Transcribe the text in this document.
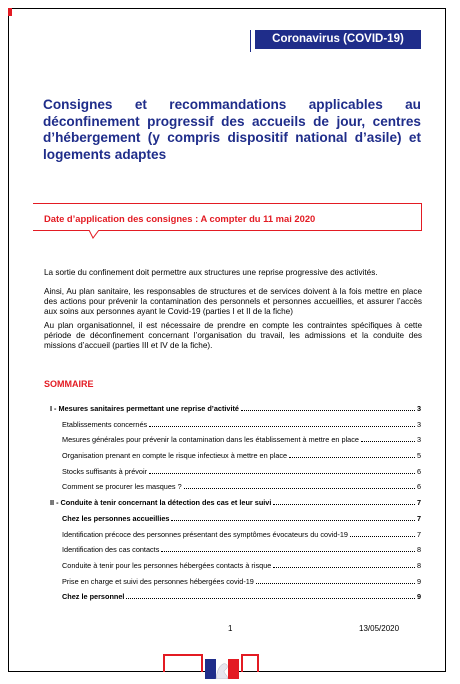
Coronavirus (COVID-19)
Consignes et recommandations applicables au déconfinement progressif des accueils de jour, centres d’hébergement (y compris dispositif national d’asile) et logements adaptes
Date d’application des consignes : A compter du 11 mai 2020

La sortie du confinement doit permettre aux structures une reprise progressive des activités.

Ainsi, Au plan sanitaire, les responsables de structures et de services doivent à la fois mettre en place des actions pour prévenir la contamination des personnels et personnes accueillies, et assurer l’accès aux soins aux personnes ayant le Covid-19 (parties I et II de la fiche)

Au plan organisationnel, il est nécessaire de prendre en compte les contraintes spécifiques à cette période de déconfinement concernant l’organisation du travail, les admissions et la conduite des missions d’accueil (parties III et IV de la fiche).

SOMMAIRE
I - Mesures sanitaires permettant une reprise d’activité	3
Etablissements concernés	3
Mesures générales pour prévenir la contamination dans les établissement à mettre en place	3
Organisation prenant en compte le risque infectieux à mettre en place	5
Stocks suffisants à prévoir	6
Comment se procurer les masques ?	6
II - Conduite à tenir concernant la détection des cas et leur suivi	7
Chez les personnes accueillies	7
Identification précoce des personnes présentant des symptômes évocateurs du covid-19	7
Identification des cas contacts	8
Conduite à tenir pour les personnes hébergées contacts à risque	8
Prise en charge et suivi des personnes hébergées covid-19	9
Chez le personnel	9
1	13/05/2020
